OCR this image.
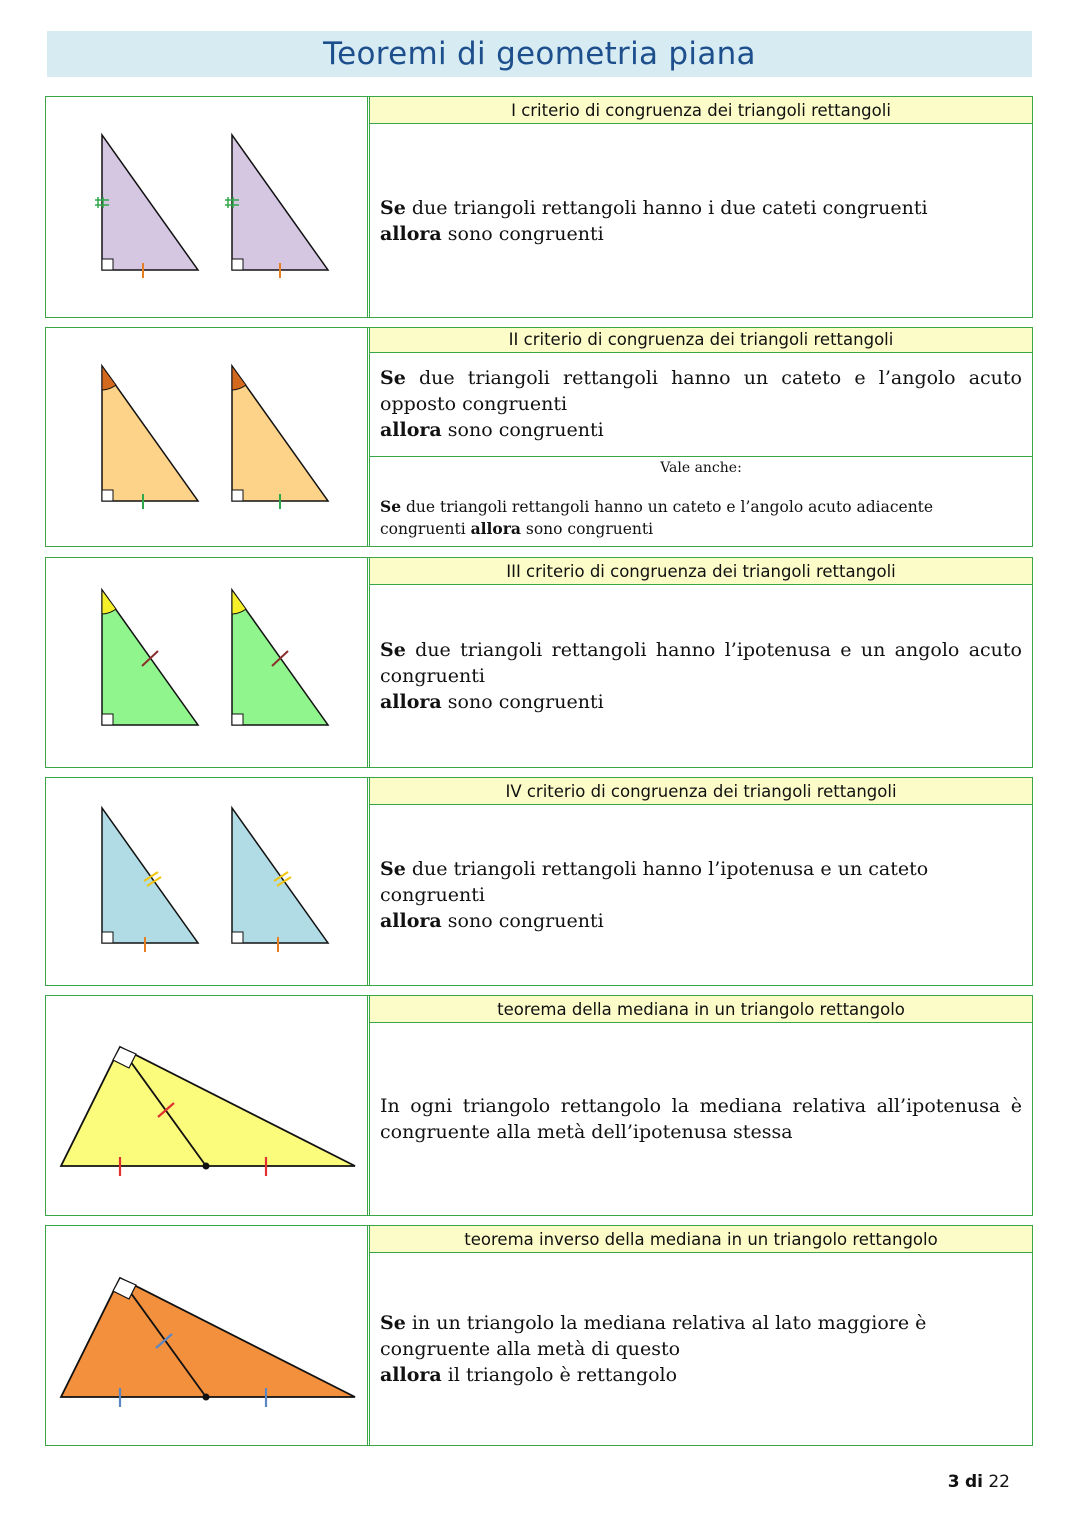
Teoremi di geometria piana
I criterio di congruenza dei triangoli rettangoli
Se due triangoli rettangoli hanno i due cateti congruenti
allora sono congruenti
II criterio di congruenza dei triangoli rettangoli
Se due triangoli rettangoli hanno un cateto e l’angolo acuto opposto congruenti
allora sono congruenti
Vale anche:
Se due triangoli rettangoli hanno un cateto e l’angolo acuto adiacente congruenti allora sono congruenti
III criterio di congruenza dei triangoli rettangoli
Se due triangoli rettangoli hanno l’ipotenusa e un angolo acuto congruenti
allora sono congruenti
IV criterio di congruenza dei triangoli rettangoli
Se due triangoli rettangoli hanno l’ipotenusa e un cateto congruenti
allora sono congruenti
teorema della mediana in un triangolo rettangolo
In ogni triangolo rettangolo la mediana relativa all’ipotenusa è congruente alla metà dell’ipotenusa stessa
teorema inverso della mediana in un triangolo rettangolo
Se in un triangolo la mediana relativa al lato maggiore è congruente alla metà di questo
allora il triangolo è rettangolo
3 di 22
